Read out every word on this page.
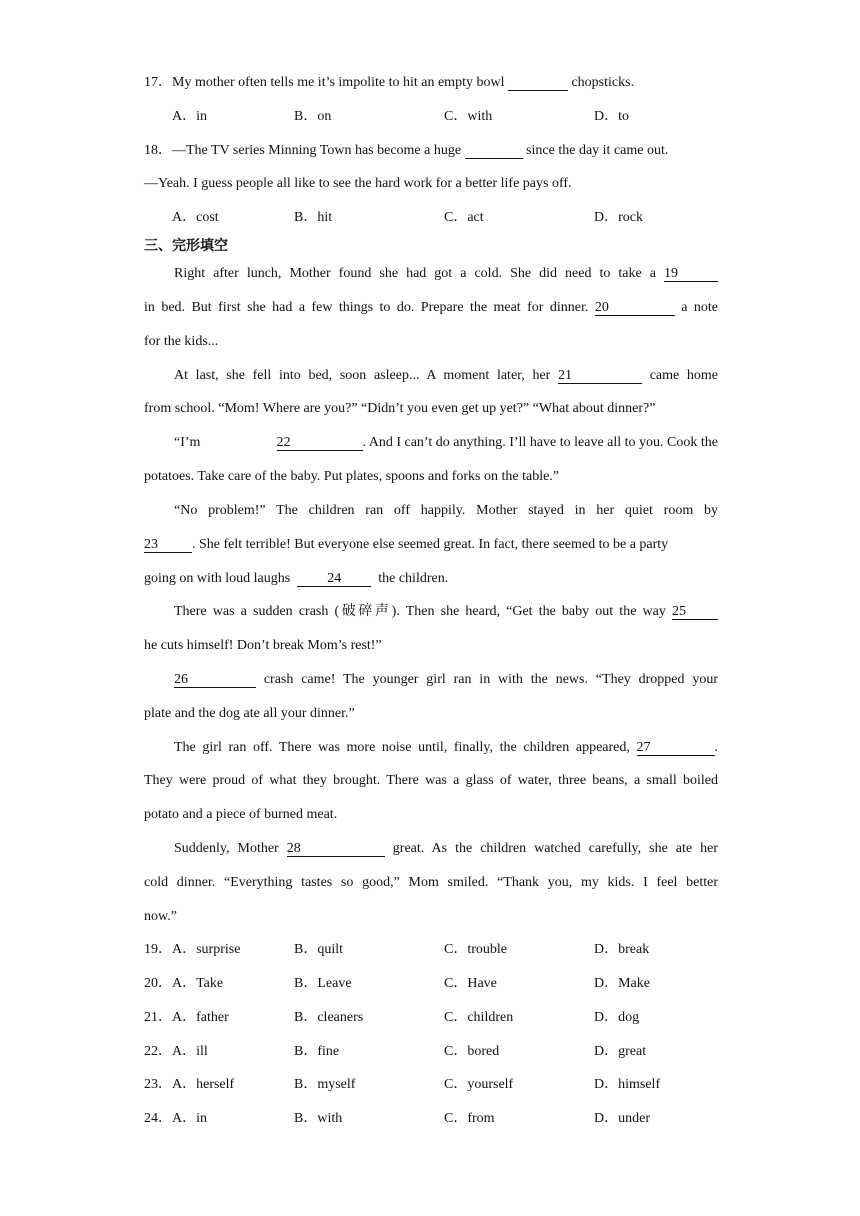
17．My mother often tells me it’s impolite to hit an empty bowl	chopsticks.
A．in	B．on	C．with	D．to
18．—The TV series Minning Town has become a huge	since the day it came out.
—Yeah. I guess people all like to see the hard work for a better life pays off.
A．cost	B．hit	C．act	D．rock
三、完形填空
Right after lunch, Mother found she had got a cold. She did need to take a 19
in bed. But first she had a few things to do. Prepare the meat for dinner. 20	a note
for the kids...
At last, she fell into bed, soon asleep... A moment later, her 21	came home
from school. “Mom! Where are you?” “Didn’t you even get up yet?” “What about dinner?”
“I’m	22	. And I can’t do anything. I’ll have to leave all to you. Cook the
potatoes. Take care of the baby. Put plates, spoons and forks on the table.”
“No problem!” The children ran off happily. Mother stayed in her quiet room by
23 . She felt terrible! But everyone else seemed great. In fact, there seemed to be a party
going on with loud laughs	24	the children.
There was a sudden crash (破碎声). Then she heard, “Get the baby out the way 25
he cuts himself! Don’t break Mom’s rest!”
26	crash came! The younger girl ran in with the news. “They dropped your
plate and the dog ate all your dinner.”
The girl ran off. There was more noise until, finally, the children appeared, 27	.
They were proud of what they brought. There was a glass of water, three beans, a small boiled
potato and a piece of burned meat.
Suddenly, Mother 28	great. As the children watched carefully, she ate her
cold dinner. “Everything tastes so good,” Mom smiled. “Thank you, my kids. I feel better
now.”
19．A．surprise	B．quilt	C．trouble	D．break
20．A．Take	B．Leave	C．Have	D．Make
21．A．father	B．cleaners	C．children	D．dog
22．A．ill	B．fine	C．bored	D．great
23．A．herself	B．myself	C．yourself	D．himself
24．A．in	B．with	C．from	D．under
